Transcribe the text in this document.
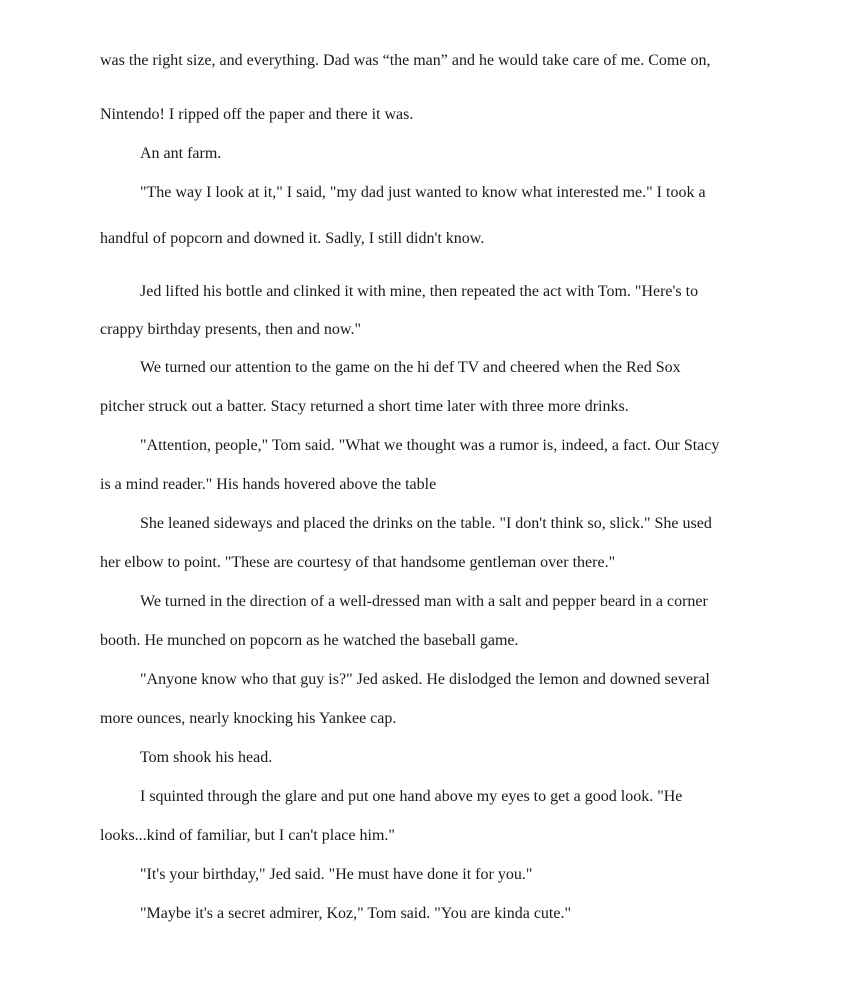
was the right size, and everything. Dad was “the man” and he would take care of me. Come on,

Nintendo! I ripped off the paper and there it was.

An ant farm.

"The way I look at it," I said, "my dad just wanted to know what interested me." I took a

handful of popcorn and downed it. Sadly, I still didn't know.

Jed lifted his bottle and clinked it with mine, then repeated the act with Tom. "Here's to

crappy birthday presents, then and now."

We turned our attention to the game on the hi def TV and cheered when the Red Sox

pitcher struck out a batter. Stacy returned a short time later with three more drinks.

"Attention, people," Tom said. "What we thought was a rumor is, indeed, a fact. Our Stacy

is a mind reader." His hands hovered above the table

She leaned sideways and placed the drinks on the table. "I don't think so, slick." She used

her elbow to point. "These are courtesy of that handsome gentleman over there."

We turned in the direction of a well-dressed man with a salt and pepper beard in a corner

booth. He munched on popcorn as he watched the baseball game.

"Anyone know who that guy is?" Jed asked. He dislodged the lemon and downed several

more ounces, nearly knocking his Yankee cap.

Tom shook his head.

I squinted through the glare and put one hand above my eyes to get a good look. "He

looks...kind of familiar, but I can't place him."

"It's your birthday," Jed said. "He must have done it for you."

"Maybe it's a secret admirer, Koz," Tom said. "You are kinda cute."
